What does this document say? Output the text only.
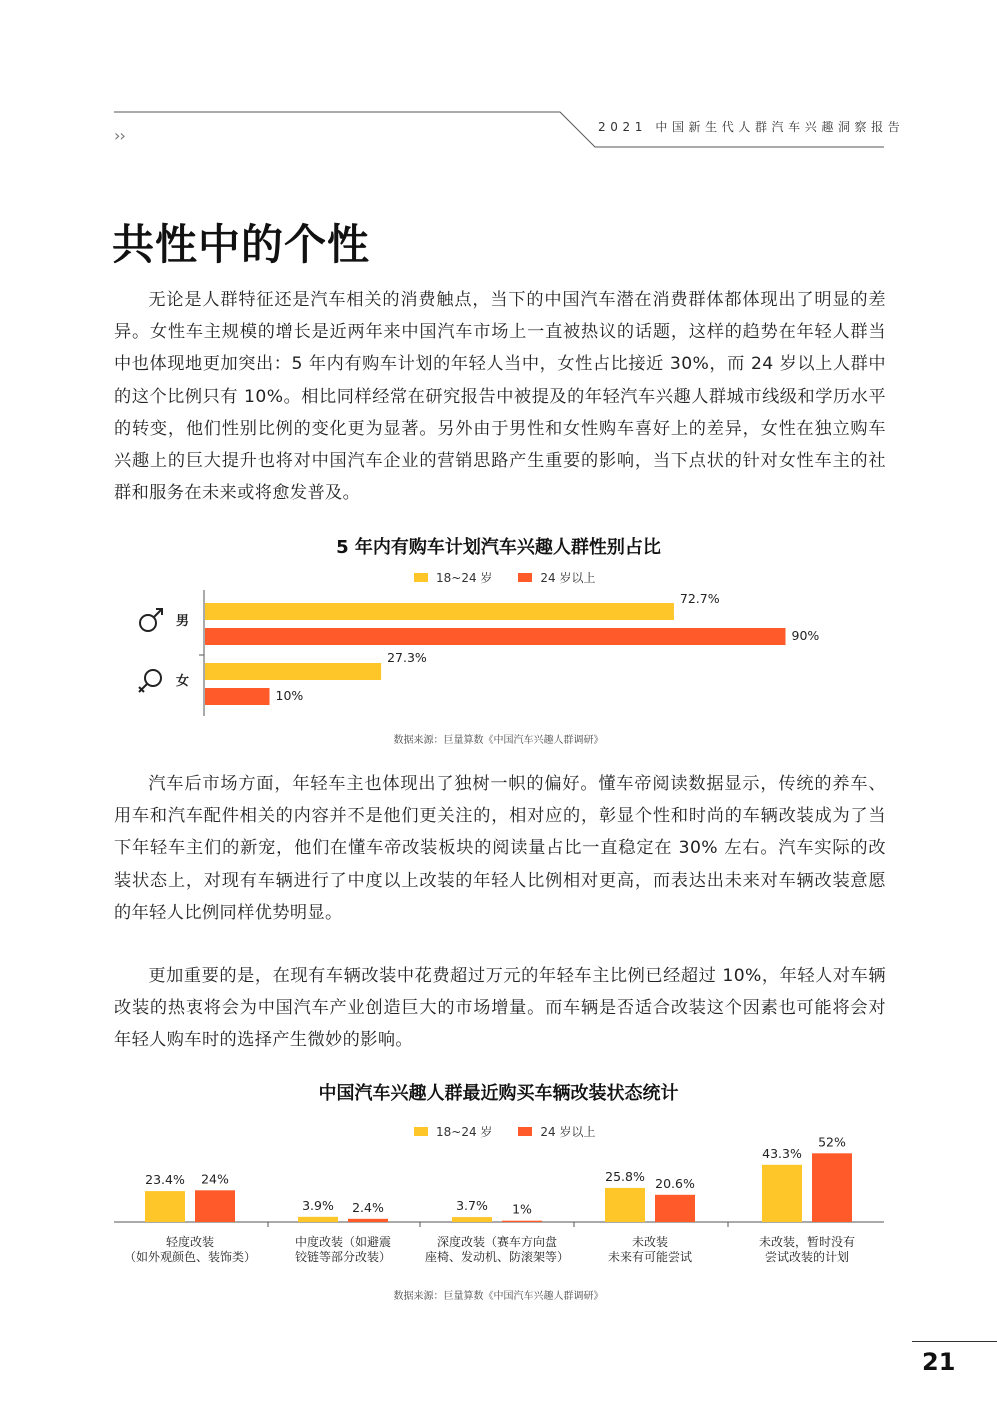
2021 中国新生代人群汽车兴趣洞察报告
››
共性中的个性

无论是人群特征还是汽车相关的消费触点，当下的中国汽车潜在消费群体都体现出了明显的差异。女性车主规模的增长是近两年来中国汽车市场上一直被热议的话题，这样的趋势在年轻人群当中也体现地更加突出：5 年内有购车计划的年轻人当中，女性占比接近 30%，而 24 岁以上人群中的这个比例只有 10%。相比同样经常在研究报告中被提及的年轻汽车兴趣人群城市线级和学历水平的转变，他们性别比例的变化更为显著。另外由于男性和女性购车喜好上的差异，女性在独立购车兴趣上的巨大提升也将对中国汽车企业的营销思路产生重要的影响，当下点状的针对女性车主的社群和服务在未来或将愈发普及。

5 年内有购车计划汽车兴趣人群性别占比
18~24 岁	24 岁以上
男
72.7%
90%
女
27.3%
10%
数据来源：巨量算数《中国汽车兴趣人群调研》

汽车后市场方面，年轻车主也体现出了独树一帜的偏好。懂车帝阅读数据显示，传统的养车、用车和汽车配件相关的内容并不是他们更关注的，相对应的，彰显个性和时尚的车辆改装成为了当下年轻车主们的新宠，他们在懂车帝改装板块的阅读量占比一直稳定在 30% 左右。汽车实际的改装状态上，对现有车辆进行了中度以上改装的年轻人比例相对更高，而表达出未来对车辆改装意愿的年轻人比例同样优势明显。

更加重要的是，在现有车辆改装中花费超过万元的年轻车主比例已经超过 10%，年轻人对车辆改装的热衷将会为中国汽车产业创造巨大的市场增量。而车辆是否适合改装这个因素也可能将会对年轻人购车时的选择产生微妙的影响。

中国汽车兴趣人群最近购买车辆改装状态统计
18~24 岁	24 岁以上
23.4% 24%
轻度改装
（如外观颜色、装饰类）
3.9% 2.4%
中度改装（如避震
铰链等部分改装）
3.7% 1%
深度改装（赛车方向盘
座椅、发动机、防滚架等）
25.8% 20.6%
未改装
未来有可能尝试
43.3%
52%
未改装，暂时没有
尝试改装的计划
数据来源：巨量算数《中国汽车兴趣人群调研》
21
